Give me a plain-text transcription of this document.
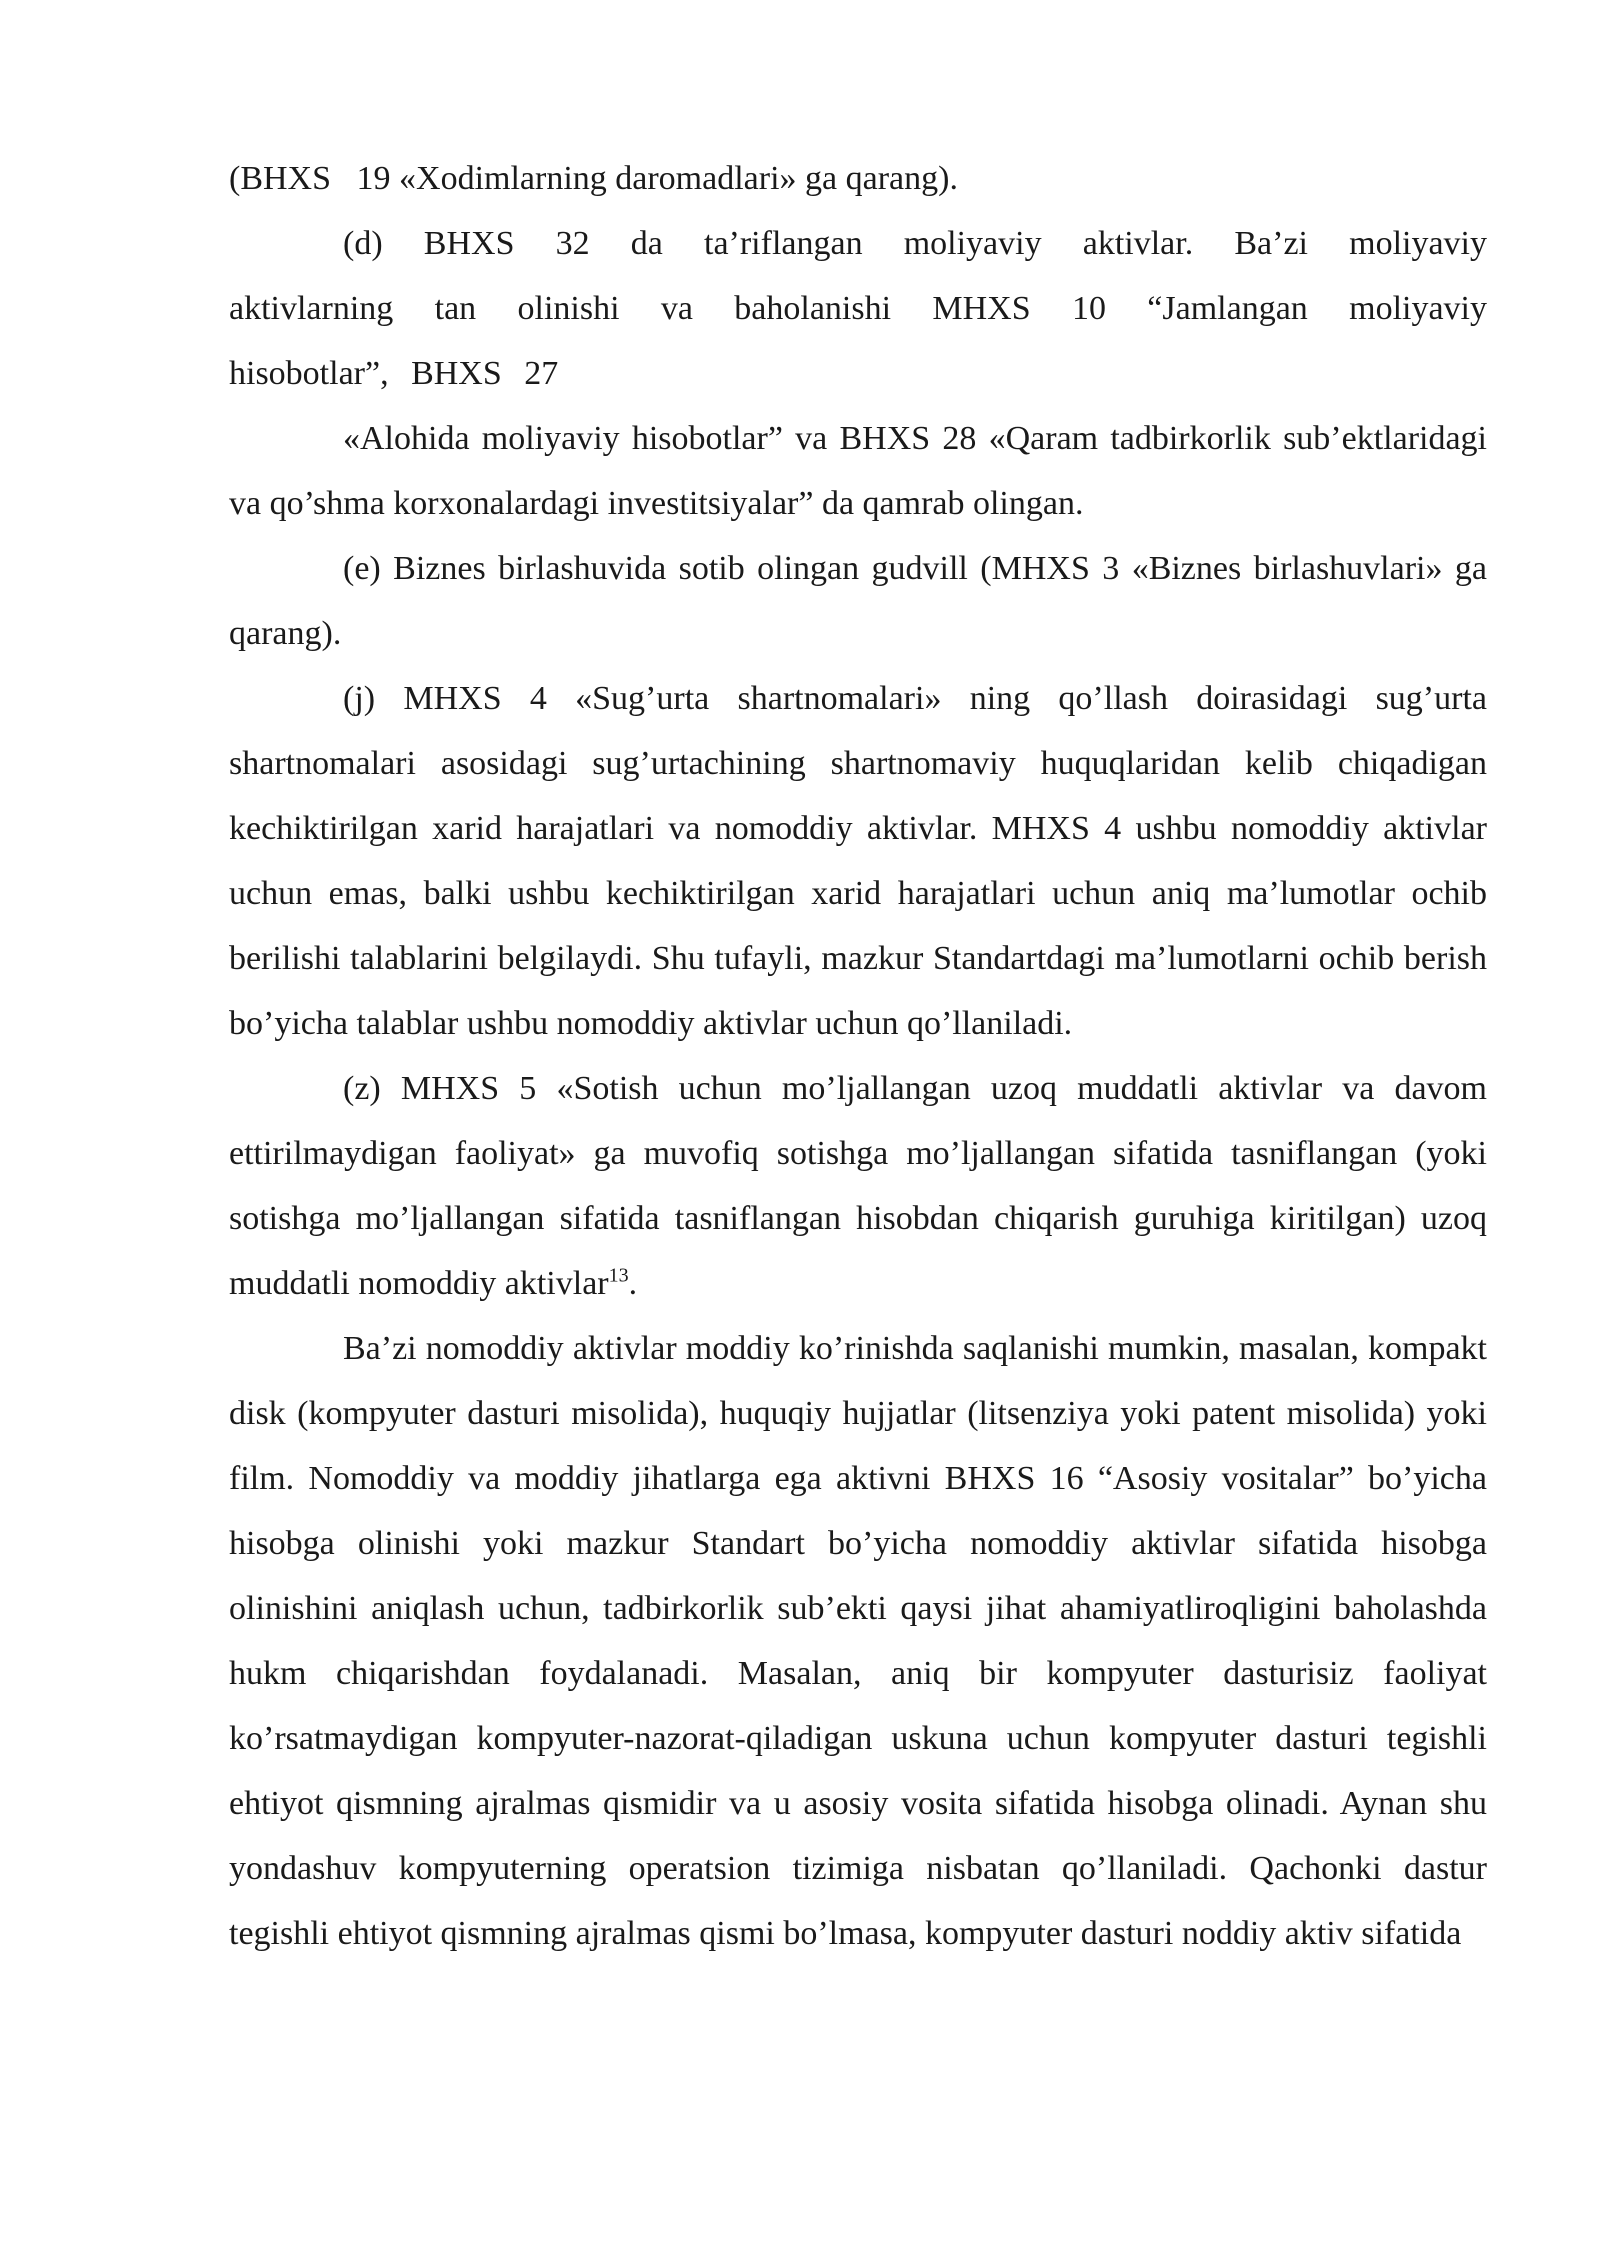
(BHXS   19 «Xodimlarning daromadlari» ga qarang).

(d) BHXS 32 da ta’riflangan moliyaviy aktivlar. Ba’zi moliyaviy aktivlarning tan olinishi va baholanishi MHXS 10 “Jamlangan moliyaviy hisobotlar”, BHXS 27

«Alohida moliyaviy hisobotlar” va BHXS 28 «Qaram tadbirkorlik sub’ektlaridagi va qo’shma korxonalardagi investitsiyalar” da qamrab olingan.

(e) Biznes birlashuvida sotib olingan gudvill (MHXS 3 «Biznes birlashuvlari» ga qarang).

(j) MHXS 4 «Sug’urta shartnomalari» ning qo’llash doirasidagi sug’urta shartnomalari asosidagi sug’urtachining shartnomaviy huquqlaridan kelib chiqadigan kechiktirilgan xarid harajatlari va nomoddiy aktivlar. MHXS 4 ushbu nomoddiy aktivlar uchun emas, balki ushbu kechiktirilgan xarid harajatlari uchun aniq ma’lumotlar ochib berilishi talablarini belgilaydi. Shu tufayli, mazkur Standartdagi ma’lumotlarni ochib berish bo’yicha talablar ushbu nomoddiy aktivlar uchun qo’llaniladi.

(z) MHXS 5 «Sotish uchun mo’ljallangan uzoq muddatli aktivlar va davom ettirilmaydigan faoliyat» ga muvofiq sotishga mo’ljallangan sifatida tasniflangan (yoki sotishga mo’ljallangan sifatida tasniflangan hisobdan chiqarish guruhiga kiritilgan) uzoq muddatli nomoddiy aktivlar$^{13}$.

Ba’zi nomoddiy aktivlar moddiy ko’rinishda saqlanishi mumkin, masalan, kompakt disk (kompyuter dasturi misolida), huquqiy hujjatlar (litsenziya yoki patent misolida) yoki film. Nomoddiy va moddiy jihatlarga ega aktivni BHXS 16 “Asosiy vositalar” bo’yicha hisobga olinishi yoki mazkur Standart bo’yicha nomoddiy aktivlar sifatida hisobga olinishini aniqlash uchun, tadbirkorlik sub’ekti qaysi jihat ahamiyatliroqligini baholashda hukm chiqarishdan foydalanadi. Masalan, aniq bir kompyuter dasturisiz faoliyat ko’rsatmaydigan kompyuter-nazorat-qiladigan uskuna uchun kompyuter dasturi tegishli ehtiyot qismning ajralmas qismidir va u asosiy vosita sifatida hisobga olinadi. Aynan shu yondashuv kompyuterning operatsion tizimiga nisbatan qo’llaniladi. Qachonki dastur tegishli ehtiyot qismning ajralmas qismi bo’lmasa, kompyuter dasturi noddiy aktiv sifatida
